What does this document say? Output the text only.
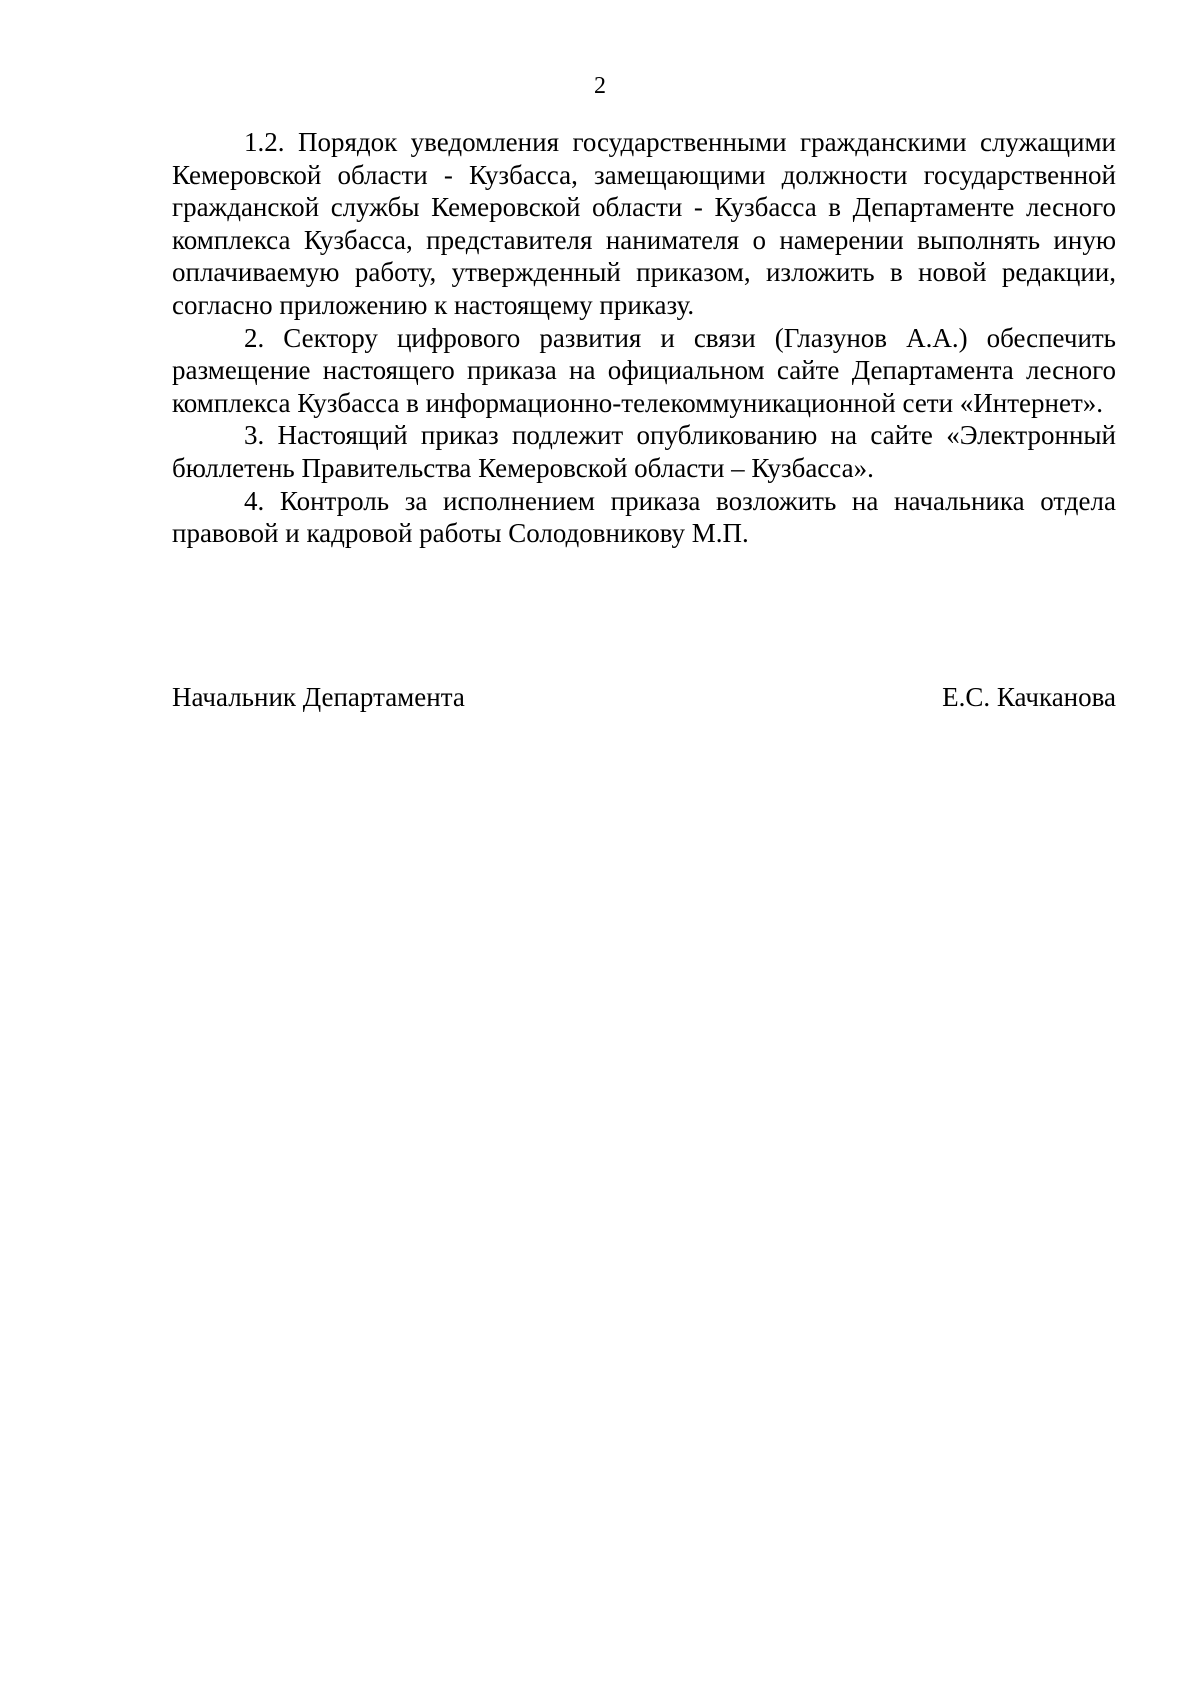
2

1.2. Порядок уведомления государственными гражданскими служащими Кемеровской области - Кузбасса, замещающими должности государственной гражданской службы Кемеровской области - Кузбасса в Департаменте лесного комплекса Кузбасса, представителя нанимателя о намерении выполнять иную оплачиваемую работу, утвержденный приказом, изложить в новой редакции, согласно приложению к настоящему приказу.

2. Сектору цифрового развития и связи (Глазунов А.А.) обеспечить размещение настоящего приказа на официальном сайте Департамента лесного комплекса Кузбасса в информационно-телекоммуникационной сети «Интернет».

3. Настоящий приказ подлежит опубликованию на сайте «Электронный бюллетень Правительства Кемеровской области – Кузбасса».

4. Контроль за исполнением приказа возложить на начальника отдела правовой и кадровой работы Солодовникову М.П.

Начальник Департамента	Е.С. Качканова
